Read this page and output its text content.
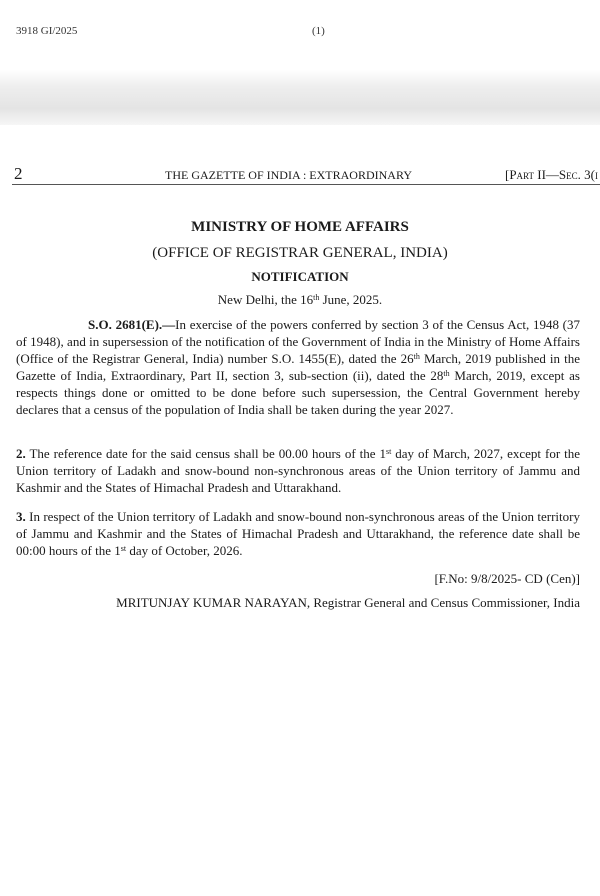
3918 GI/2025	(1)
2	THE GAZETTE OF INDIA : EXTRAORDINARY	[Part II—Sec. 3(i
MINISTRY OF HOME AFFAIRS
(OFFICE OF REGISTRAR GENERAL, INDIA)
NOTIFICATION
New Delhi, the 16th June, 2025.
S.O. 2681(E).—In exercise of the powers conferred by section 3 of the Census Act, 1948 (37 of 1948), and in supersession of the notification of the Government of India in the Ministry of Home Affairs (Office of the Registrar General, India) number S.O. 1455(E), dated the 26th March, 2019 published in the Gazette of India, Extraordinary, Part II, section 3, sub-section (ii), dated the 28th March, 2019, except as respects things done or omitted to be done before such supersession, the Central Government hereby declares that a census of the population of India shall be taken during the year 2027.
2. The reference date for the said census shall be 00.00 hours of the 1st day of March, 2027, except for the Union territory of Ladakh and snow-bound non-synchronous areas of the Union territory of Jammu and Kashmir and the States of Himachal Pradesh and Uttarakhand.
3. In respect of the Union territory of Ladakh and snow-bound non-synchronous areas of the Union territory of Jammu and Kashmir and the States of Himachal Pradesh and Uttarakhand, the reference date shall be 00:00 hours of the 1st day of October, 2026.
[F.No: 9/8/2025- CD (Cen)]
MRITUNJAY KUMAR NARAYAN, Registrar General and Census Commissioner, India
